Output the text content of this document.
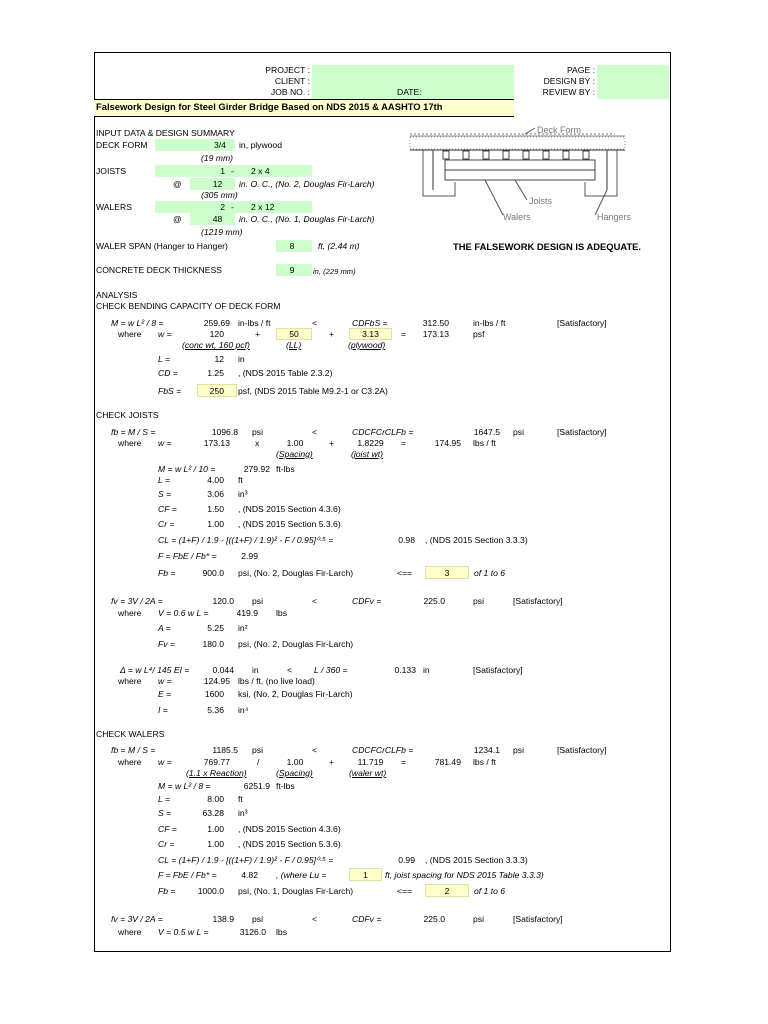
PROJECT :
CLIENT :
JOB NO. :	DATE:
PAGE :
DESIGN BY :
REVIEW BY :
Falsework Design for Steel Girder Bridge Based on NDS 2015 & AASHTO 17th
INPUT DATA & DESIGN SUMMARY
DECK FORM	3/4	in, plywood
(19 mm)
JOISTS	1 - 2 x 4
@	12	in. O. C., (No. 2, Douglas Fir-Larch)
(305 mm)
WALERS	2 - 2 x 12
@	48	in. O. C., (No. 1, Douglas Fir-Larch)
(1219 mm)
WALER SPAN (Hanger to Hanger)	8	ft, (2.44 m)	THE FALSEWORK DESIGN IS ADEQUATE.
CONCRETE DECK THICKNESS	9	in, (229 mm)
Deck Form
Joists
Walers	Hangers
ANALYSIS
CHECK BENDING CAPACITY OF DECK FORM
M = w L² / 8 =	259.69 in-lbs / ft	<	CDFbS =	312.50	in-lbs / ft	[Satisfactory]
where w =	120	+	50	+	3.13	=	173.13	psf
(conc wt, 160 pcf)	(LL)	(plywood)
L =	12 in
CD =	1.25 , (NDS 2015 Table 2.3.2)
FbS =	250 psf, (NDS 2015 Table M9.2-1 or C3.2A)
CHECK JOISTS
fb = M / S =	1096.8 psi	<	CDCFCrCLFb =	1647.5 psi	[Satisfactory]
where w =	173.13	x	1.00	+	1.8229	=	174.95 lbs / ft
(Spacing)	(joist wt)
M = w L² / 10 =	279.92 ft-lbs
L =	4.00 ft
S =	3.06 in³
CF =	1.50 , (NDS 2015 Section 4.3.6)
Cr =	1.00 , (NDS 2015 Section 5.3.6)
CL = (1+F) / 1.9 - [((1+F) / 1.9)² - F / 0.95]⁰·⁵ =	0.98 , (NDS 2015 Section 3.3.3)
F = FbE / Fb* =	2.99
Fb =	900.0 psi, (No. 2, Douglas Fir-Larch)	<==	3	of 1 to 6
fv = 3V / 2A =	120.0 psi	<	CDFv =	225.0	psi	[Satisfactory]
where V = 0.6 w L =	419.9 lbs
A =	5.25 in²
Fv =	180.0 psi, (No. 2, Douglas Fir-Larch)
Δ = w L⁴/ 145 EI =	0.044 in	<	L / 360 =	0.133 in	[Satisfactory]
where w =	124.95 lbs / ft, (no live load)
E =	1600 ksi, (No. 2, Douglas Fir-Larch)
I =	5.36 in⁴
CHECK WALERS
fb = M / S =	1185.5 psi	<	CDCFCrCLFb =	1234.1 psi	[Satisfactory]
where w =	769.77	/	1.00	+	11.719	=	781.49 lbs / ft
(1.1 x Reaction)	(Spacing)	(waler wt)
M = w L² / 8 =	6251.9 ft-lbs
L =	8.00 ft
S =	63.28 in³
CF =	1.00 , (NDS 2015 Section 4.3.6)
Cr =	1.00 , (NDS 2015 Section 5.3.6)
CL = (1+F) / 1.9 - [((1+F) / 1.9)² - F / 0.95]⁰·⁵ =	0.99 , (NDS 2015 Section 3.3.3)
F = FbE / Fb* =	4.82 , (where Lu =	1	ft, joist spacing for NDS 2015 Table 3.3.3)
Fb =	1000.0 psi, (No. 1, Douglas Fir-Larch)	<==	2	of 1 to 6
fv = 3V / 2A =	138.9 psi	<	CDFv =	225.0	psi	[Satisfactory]
where V = 0.5 w L =	3126.0 lbs
